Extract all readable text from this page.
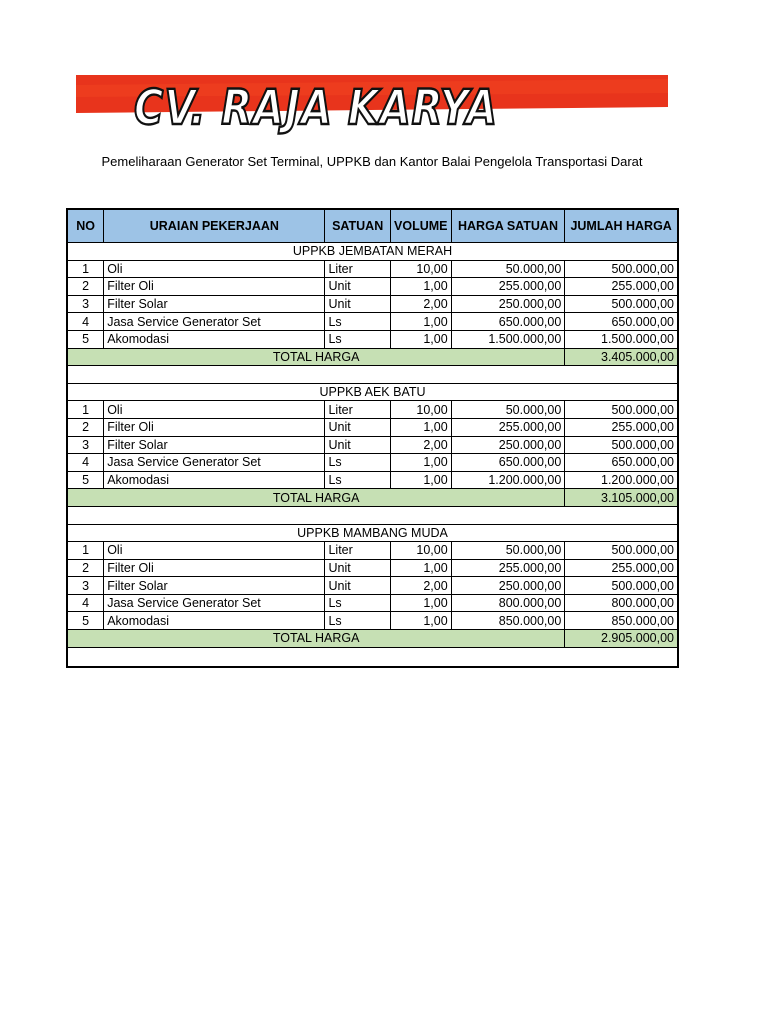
CV. RAJA KARYA
Pemeliharaan Generator Set Terminal, UPPKB dan Kantor Balai Pengelola Transportasi Darat
NO	URAIAN PEKERJAAN	SATUAN	VOLUME	HARGA SATUAN	JUMLAH HARGA
UPPKB JEMBATAN MERAH					
1	Oli	Liter	10,00	50.000,00	500.000,00
2	Filter Oli	Unit	1,00	255.000,00	255.000,00
3	Filter Solar	Unit	2,00	250.000,00	500.000,00
4	Jasa Service Generator Set	Ls	1,00	650.000,00	650.000,00
5	Akomodasi	Ls	1,00	1.500.000,00	1.500.000,00
TOTAL HARGA					3.405.000,00

UPPKB AEK BATU					
1	Oli	Liter	10,00	50.000,00	500.000,00
2	Filter Oli	Unit	1,00	255.000,00	255.000,00
3	Filter Solar	Unit	2,00	250.000,00	500.000,00
4	Jasa Service Generator Set	Ls	1,00	650.000,00	650.000,00
5	Akomodasi	Ls	1,00	1.200.000,00	1.200.000,00
TOTAL HARGA					3.105.000,00

UPPKB MAMBANG MUDA					
1	Oli	Liter	10,00	50.000,00	500.000,00
2	Filter Oli	Unit	1,00	255.000,00	255.000,00
3	Filter Solar	Unit	2,00	250.000,00	500.000,00
4	Jasa Service Generator Set	Ls	1,00	800.000,00	800.000,00
5	Akomodasi	Ls	1,00	850.000,00	850.000,00
TOTAL HARGA					2.905.000,00
